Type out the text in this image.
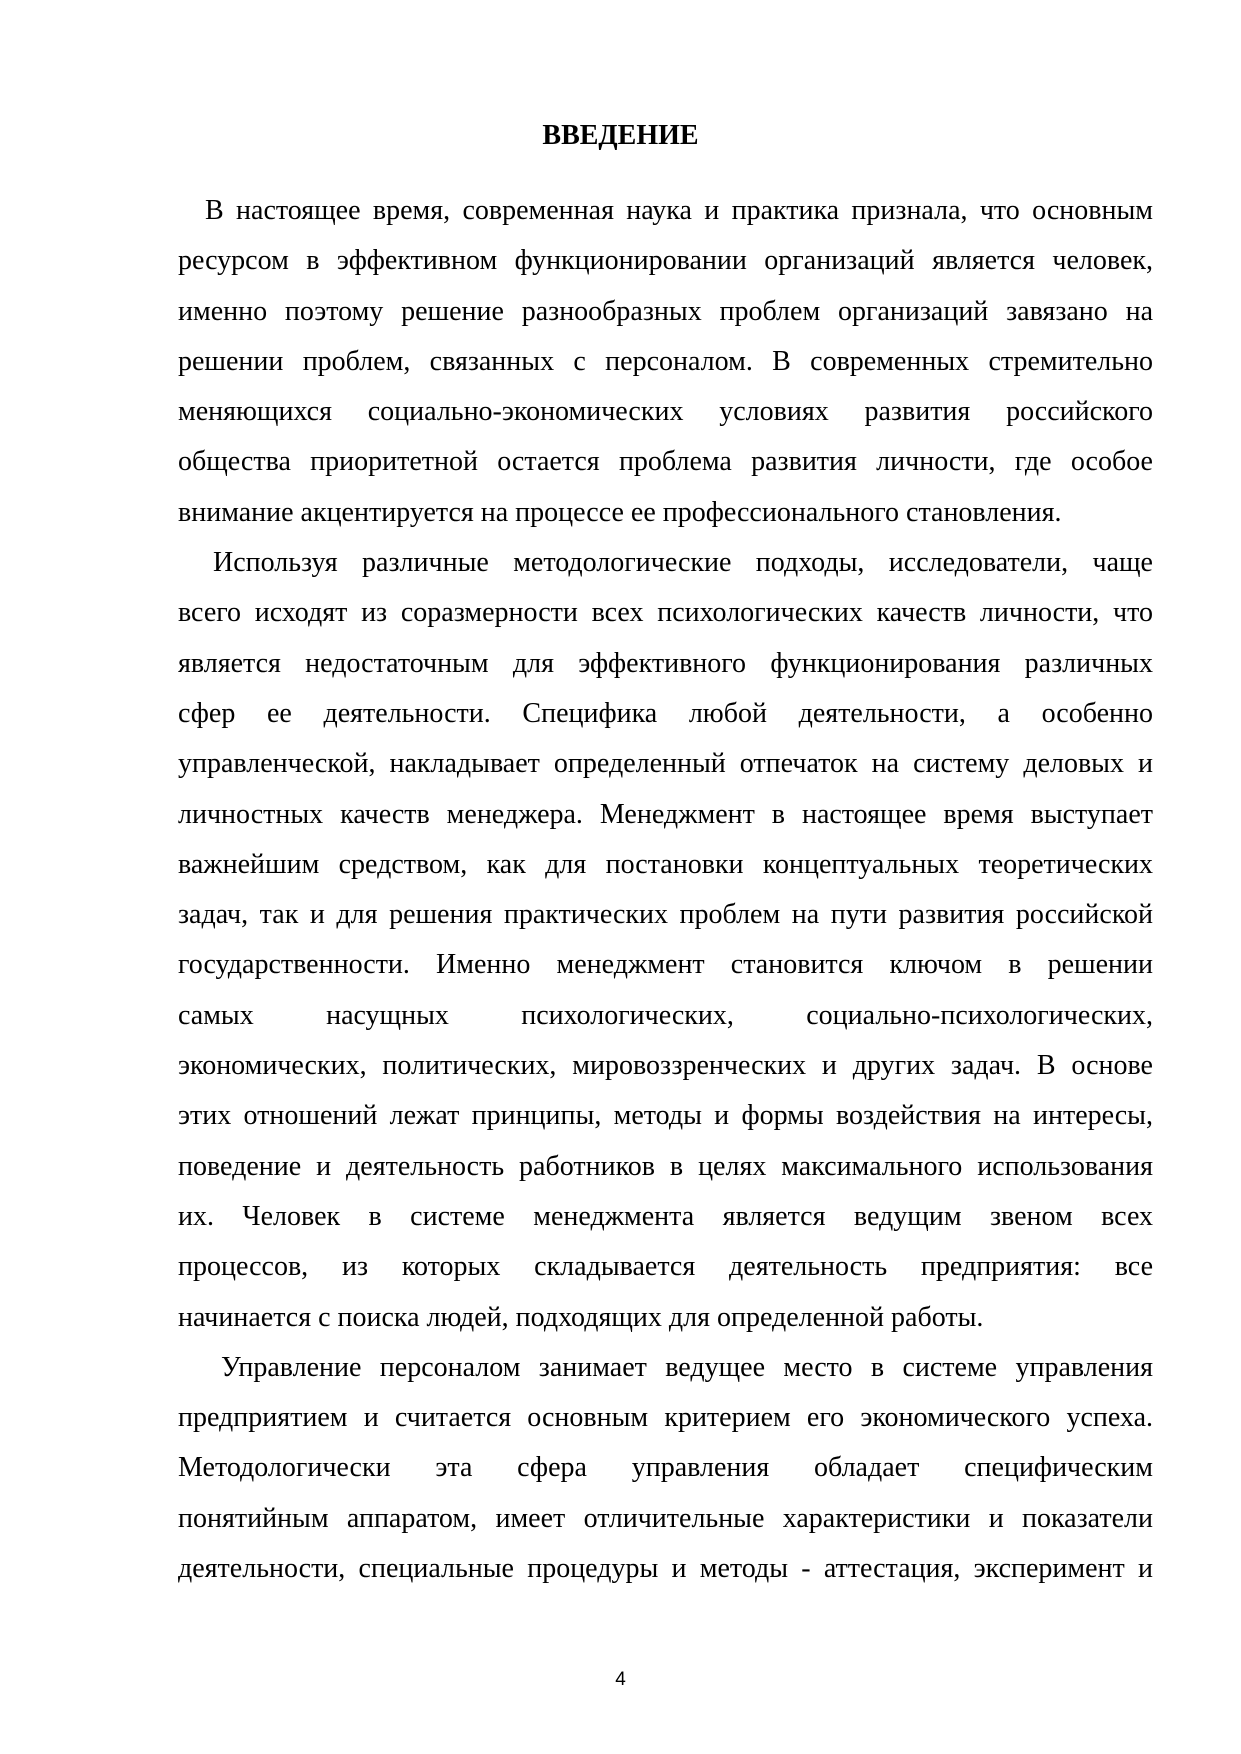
ВВЕДЕНИЕ

В настоящее время, современная наука и практика признала, что основным
ресурсом в эффективном функционировании организаций является человек,
именно поэтому решение разнообразных проблем организаций завязано на
решении проблем, связанных с персоналом. В современных стремительно
меняющихся социально-экономических условиях развития российского
общества приоритетной остается проблема развития личности, где особое
внимание акцентируется на процессе ее профессионального становления.

Используя различные методологические подходы, исследователи, чаще
всего исходят из соразмерности всех психологических качеств личности, что
является недостаточным для эффективного функционирования различных
сфер ее деятельности. Специфика любой деятельности, а особенно
управленческой, накладывает определенный отпечаток на систему деловых и
личностных качеств менеджера. Менеджмент в настоящее время выступает
важнейшим средством, как для постановки концептуальных теоретических
задач, так и для решения практических проблем на пути развития российской
государственности. Именно менеджмент становится ключом в решении
самых насущных психологических, социально-психологических,
экономических, политических, мировоззренческих и других задач. В основе
этих отношений лежат принципы, методы и формы воздействия на интересы,
поведение и деятельность работников в целях максимального использования
их. Человек в системе менеджмента является ведущим звеном всех
процессов, из которых складывается деятельность предприятия: все
начинается с поиска людей, подходящих для определенной работы.

Управление персоналом занимает ведущее место в системе управления
предприятием и считается основным критерием его экономического успеха.
Методологически эта сфера управления обладает специфическим
понятийным аппаратом, имеет отличительные характеристики и показатели
деятельности, специальные процедуры и методы - аттестация, эксперимент и

4
